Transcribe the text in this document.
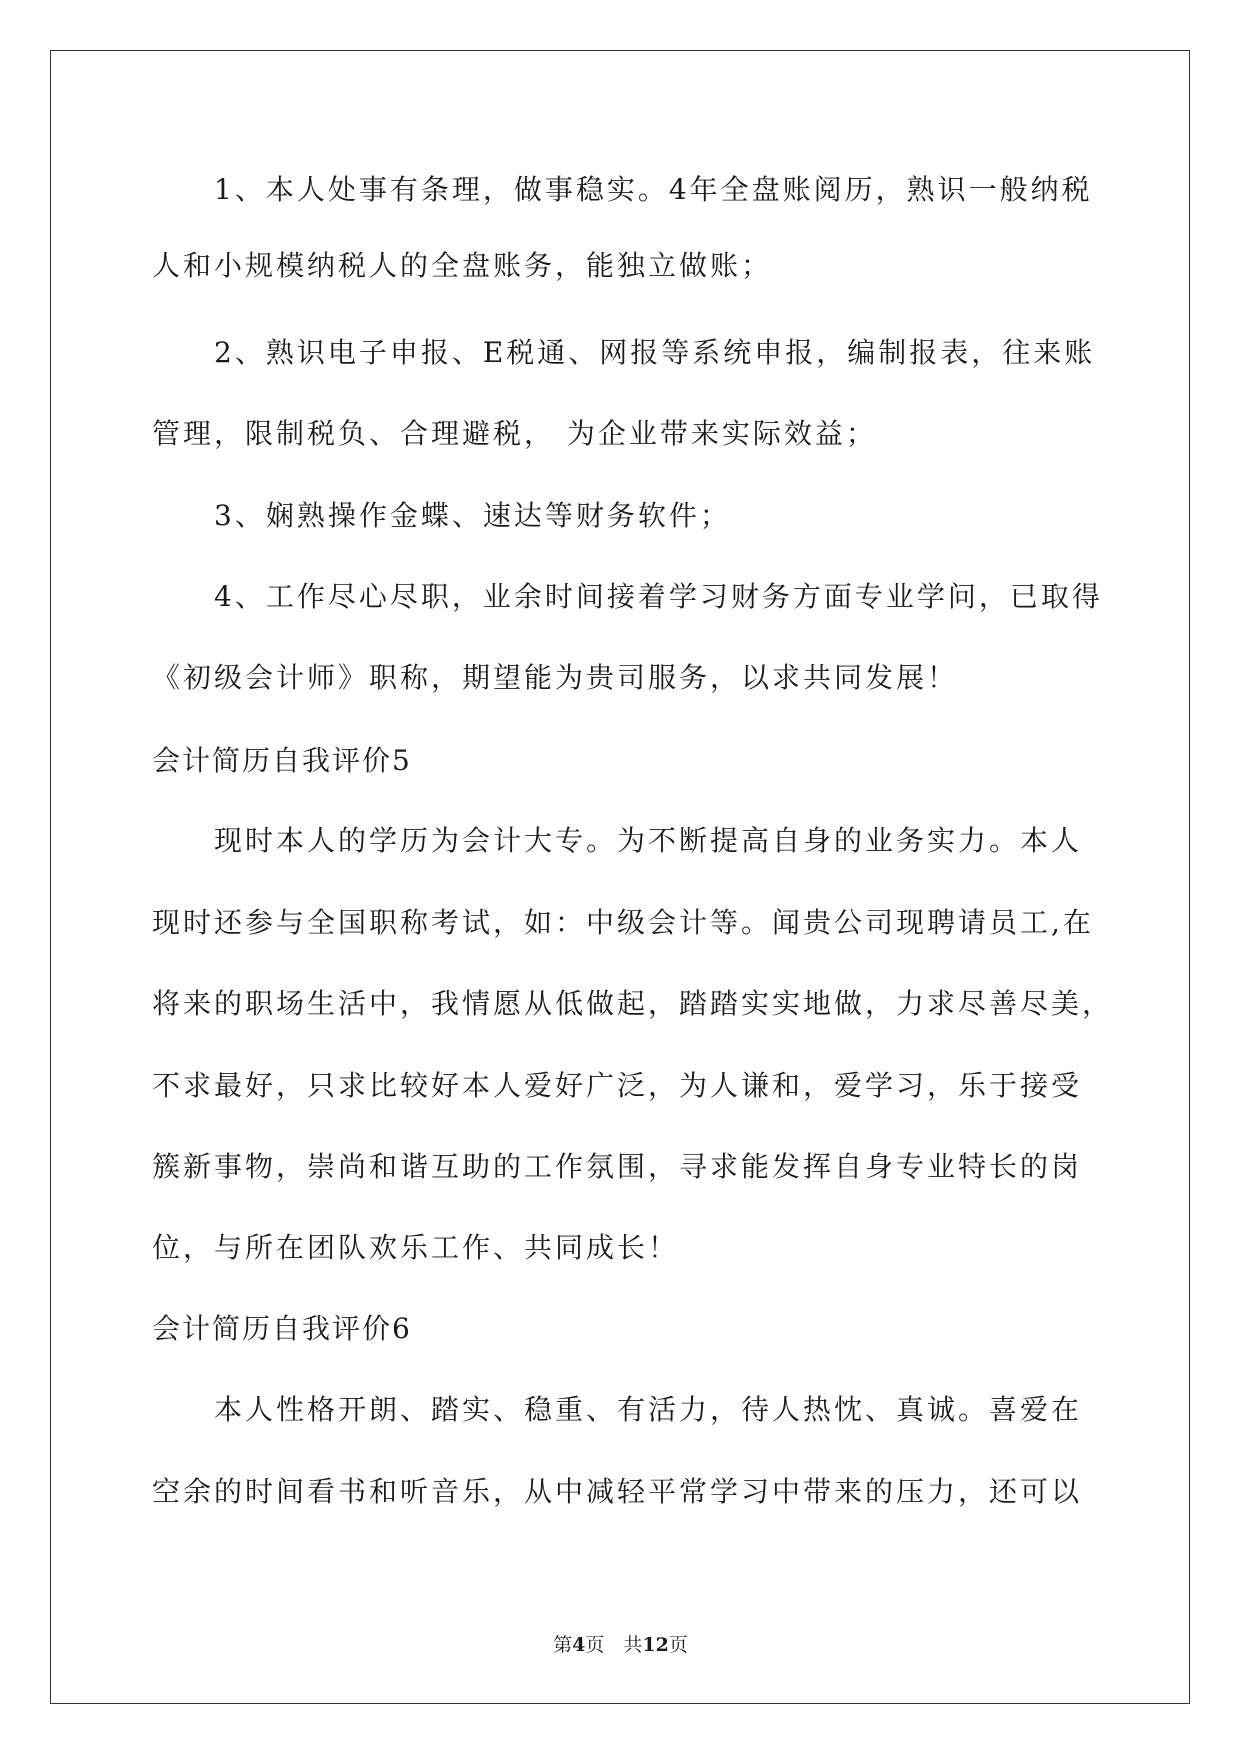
1、本人处事有条理，做事稳实。4年全盘账阅历，熟识一般纳税
人和小规模纳税人的全盘账务，能独立做账；
2、熟识电子申报、E税通、网报等系统申报，编制报表，往来账
管理，限制税负、合理避税， 为企业带来实际效益；
3、娴熟操作金蝶、速达等财务软件；
4、工作尽心尽职，业余时间接着学习财务方面专业学问，已取得
《初级会计师》职称，期望能为贵司服务，以求共同发展！
会计简历自我评价5
现时本人的学历为会计大专。为不断提高自身的业务实力。本人
现时还参与全国职称考试，如：中级会计等。闻贵公司现聘请员工,在
将来的职场生活中，我情愿从低做起，踏踏实实地做，力求尽善尽美，
不求最好，只求比较好本人爱好广泛，为人谦和，爱学习，乐于接受
簇新事物，崇尚和谐互助的工作氛围，寻求能发挥自身专业特长的岗
位，与所在团队欢乐工作、共同成长！
会计简历自我评价6
本人性格开朗、踏实、稳重、有活力，待人热忱、真诚。喜爱在
空余的时间看书和听音乐，从中减轻平常学习中带来的压力，还可以
第4页　共12页
